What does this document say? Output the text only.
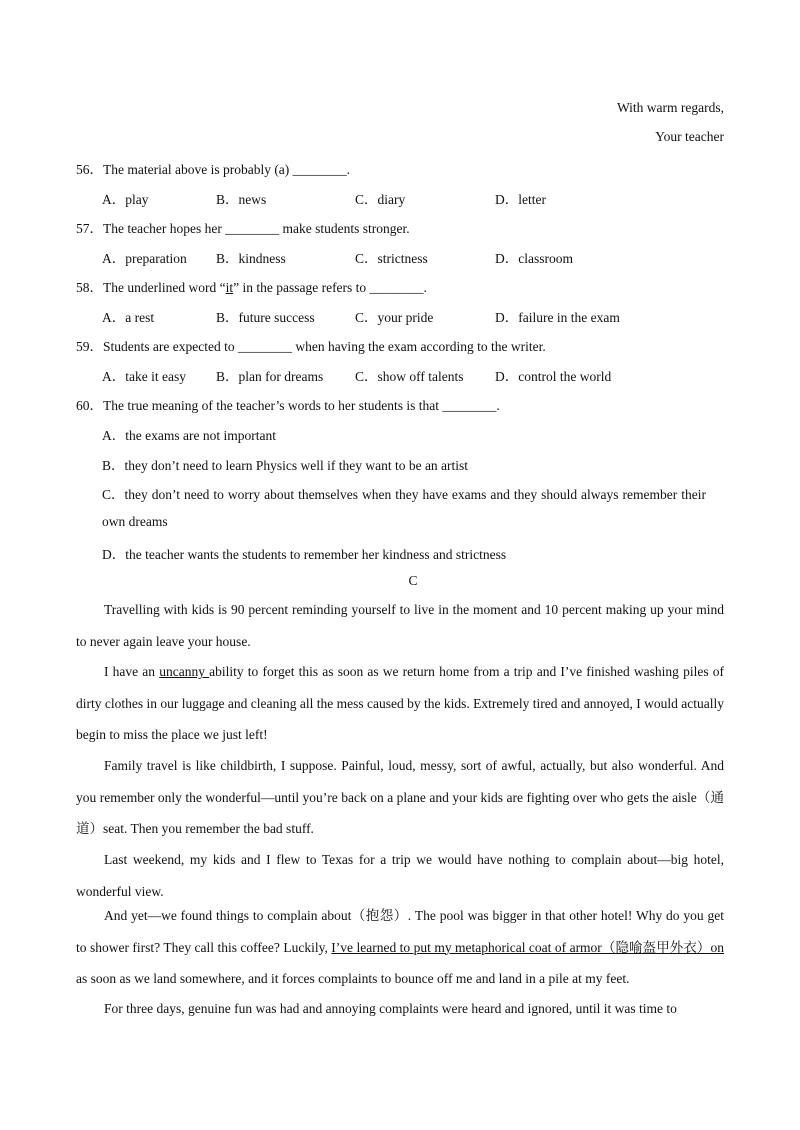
With warm regards,
Your teacher
56．The material above is probably (a) ________.
A．play	B．news	C．diary	D．letter
57．The teacher hopes her ________ make students stronger.
A．preparation B．kindness	C．strictness	D．classroom
58．The underlined word “it” in the passage refers to ________.
A．a rest	B．future success	C．your pride	D．failure in the exam
59．Students are expected to ________ when having the exam according to the writer.
A．take it easy B．plan for dreams C．show off talents D．control the world
60．The true meaning of the teacher’s words to her students is that ________.
A．the exams are not important
B．they don’t need to learn Physics well if they want to be an artist
C．they don’t need to worry about themselves when they have exams and they should always remember their
own dreams
D．the teacher wants the students to remember her kindness and strictness
C

Travelling with kids is 90 percent reminding yourself to live in the moment and 10 percent making up your mind to never again leave your house.

I have an uncanny ability to forget this as soon as we return home from a trip and I’ve finished washing piles of dirty clothes in our luggage and cleaning all the mess caused by the kids. Extremely tired and annoyed, I would actually begin to miss the place we just left!

Family travel is like childbirth, I suppose. Painful, loud, messy, sort of awful, actually, but also wonderful. And you remember only the wonderful—until you’re back on a plane and your kids are fighting over who gets the aisle（通道）seat. Then you remember the bad stuff.

Last weekend, my kids and I flew to Texas for a trip we would have nothing to complain about—big hotel, wonderful view.

And yet—we found things to complain about（抱怨）. The pool was bigger in that other hotel! Why do you get to shower first? They call this coffee? Luckily, I’ve learned to put my metaphorical coat of armor（隐喻盔甲外衣）on as soon as we land somewhere, and it forces complaints to bounce off me and land in a pile at my feet.

For three days, genuine fun was had and annoying complaints were heard and ignored, until it was time to
